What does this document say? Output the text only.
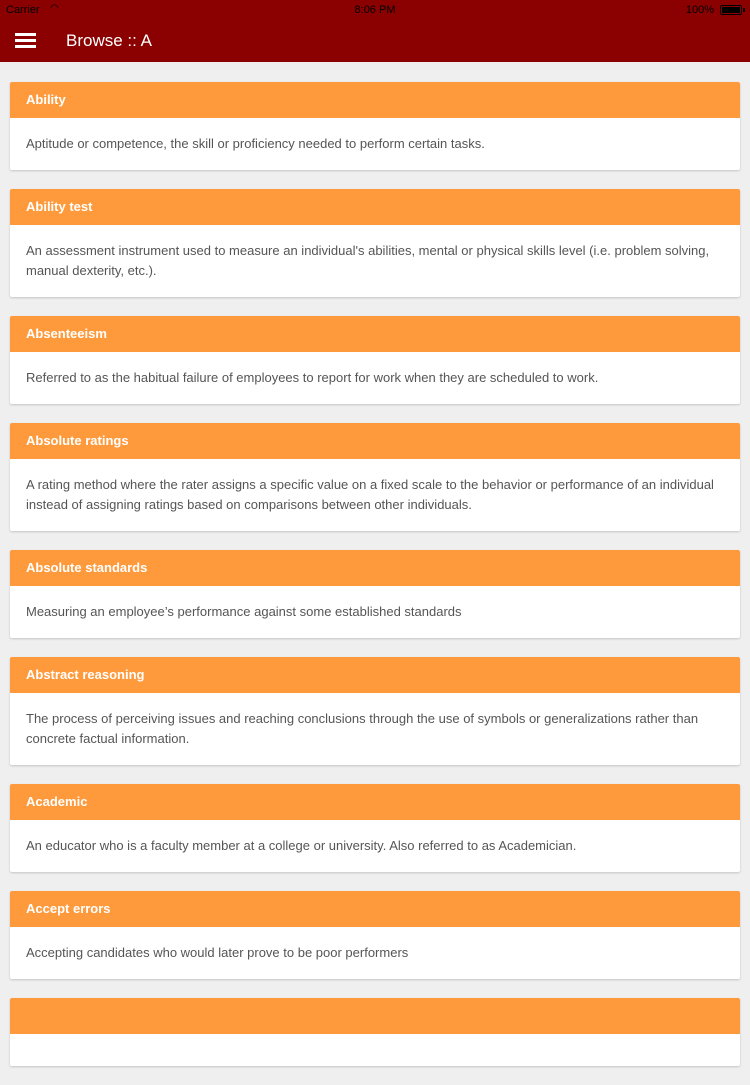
Carrier ◠	8:06 PM	100%
Browse :: A
Ability
Aptitude or competence, the skill or proficiency needed to perform certain tasks.
Ability test
An assessment instrument used to measure an individual's abilities, mental or physical skills level (i.e. problem solving, manual dexterity, etc.).
Absenteeism
Referred to as the habitual failure of employees to report for work when they are scheduled to work.
Absolute ratings
A rating method where the rater assigns a specific value on a fixed scale to the behavior or performance of an individual instead of assigning ratings based on comparisons between other individuals.
Absolute standards
Measuring an employee’s performance against some established standards
Abstract reasoning
The process of perceiving issues and reaching conclusions through the use of symbols or generalizations rather than concrete factual information.
Academic
An educator who is a faculty member at a college or university. Also referred to as Academician.
Accept errors
Accepting candidates who would later prove to be poor performers
